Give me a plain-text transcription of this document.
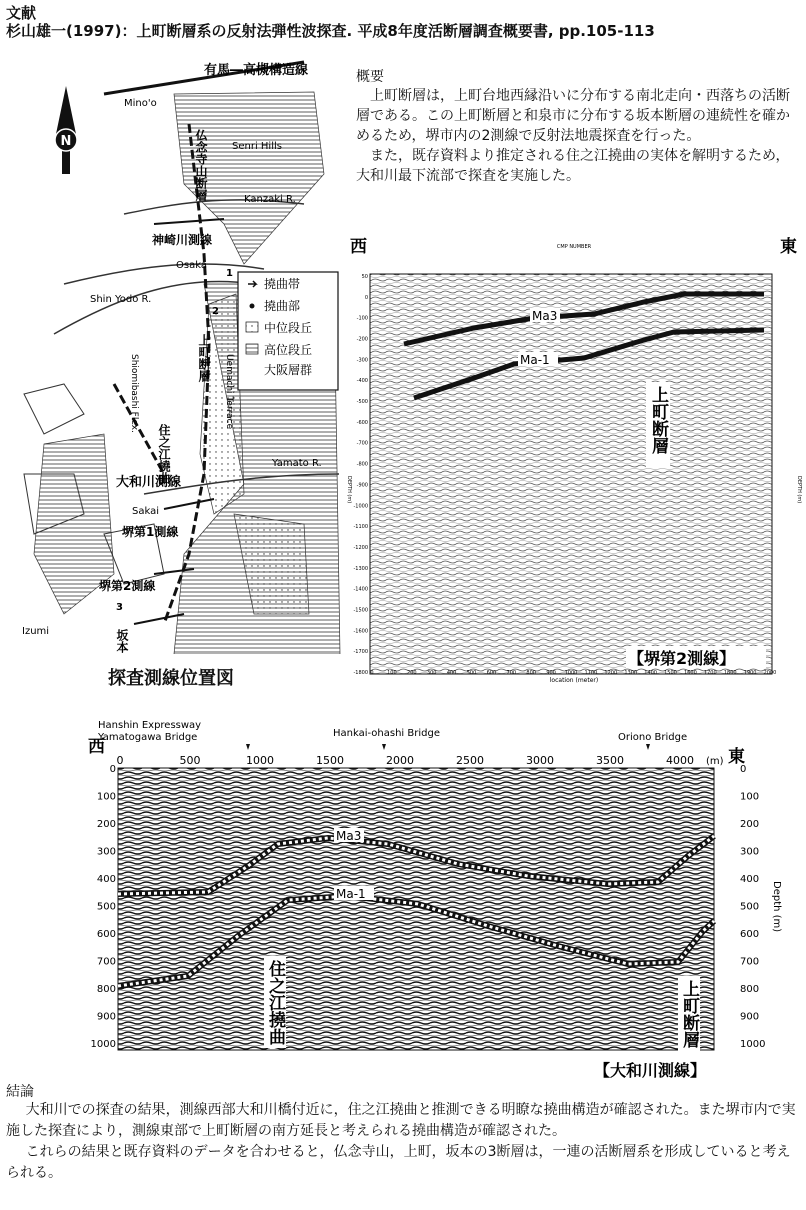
文献
杉山雄一(1997)：上町断層系の反射法弾性波探査. 平成8年度活断層調査概要書, pp.105-113
概要

上町断層は，上町台地西縁沿いに分布する南北走向・西落ちの活断層である。この上町断層と和泉市に分布する坂本断層の連続性を確かめるため，堺市内の2測線で反射法地震探査を行った。

また，既存資料より推定される住之江撓曲の実体を解明するため，大和川最下流部で探査を実施した。

N
有馬―高槻構造線
Mino'o
Senri Hills
仏念寺山断層	Kanzaki R.
神崎川測線
Osaka
1
Shin Yodo R.
2
上町断層 Uemachi Terrace
Shiomibashi Flex.
住之江撓曲
大和川測線
Yamato R.
Sakai
堺第1測線
堺第2測線
3
Izumi	坂本
撓曲帯
撓曲部
中位段丘
高位段丘
大阪層群
探査測線位置図
西	東
CMP NUMBER
50
0
-100
-200
-300
-400
-500
-600
-700
-800
-900
-1000
-1100
-1200
-1300
-1400
-1500
-1600
-1700
-1800 0	100 200 300 400 500 600 700 800 900 1000 1100 1200 1300 1400 1500 1600 1700 1800 1900 2000
location (meter)
DEPTH (m)	DEPTH (m)
Ma3
Ma-1
上町断層
【堺第2測線】
Hanshin Expressway
Yamatogawa Bridge	Hankai-ohashi Bridge	Oriono Bridge
西	東
0	500	1000	1500	2000	2500	3000	3500	4000
0
100
200
300
400
500
600
700
800
900
1000
0
100
200
300
400
500
600
700
800
900
1000
(m)
Depth (m)
Ma3
Ma-1
住之江撓曲	上町断層
【大和川測線】
結論

大和川での探査の結果，測線西部大和川橋付近に，住之江撓曲と推測できる明瞭な撓曲構造が確認された。また堺市内で実施した探査により，測線東部で上町断層の南方延長と考えられる撓曲構造が確認された。

これらの結果と既存資料のデータを合わせると，仏念寺山，上町，坂本の3断層は，一連の活断層系を形成していると考えられる。
